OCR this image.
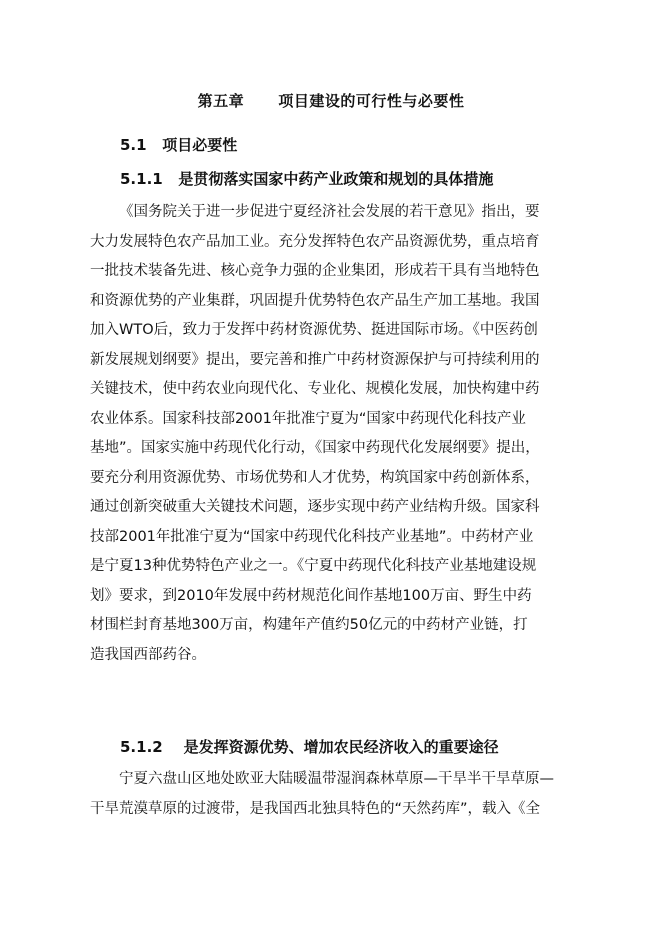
第五章      项目建设的可行性与必要性
5.1   项目必要性
5.1.1   是贯彻落实国家中药产业政策和规划的具体措施
《国务院关于进一步促进宁夏经济社会发展的若干意见》指出，要
大力发展特色农产品加工业。充分发挥特色农产品资源优势，重点培育
一批技术装备先进、核心竞争力强的企业集团，形成若干具有当地特色
和资源优势的产业集群，巩固提升优势特色农产品生产加工基地。我国
加入WTO后，致力于发挥中药材资源优势、挺进国际市场。《中医药创
新发展规划纲要》提出，要完善和推广中药材资源保护与可持续利用的
关键技术，使中药农业向现代化、专业化、规模化发展，加快构建中药
农业体系。国家科技部2001年批准宁夏为“国家中药现代化科技产业
基地”。国家实施中药现代化行动，《国家中药现代化发展纲要》提出，
要充分利用资源优势、市场优势和人才优势，构筑国家中药创新体系，
通过创新突破重大关键技术问题，逐步实现中药产业结构升级。国家科
技部2001年批准宁夏为“国家中药现代化科技产业基地”。中药材产业
是宁夏13种优势特色产业之一。《宁夏中药现代化科技产业基地建设规
划》要求，到2010年发展中药材规范化间作基地100万亩、野生中药
材围栏封育基地300万亩，构建年产值约50亿元的中药材产业链，打
造我国西部药谷。
5.1.2    是发挥资源优势、增加农民经济收入的重要途径
宁夏六盘山区地处欧亚大陆暖温带湿润森林草原—干旱半干旱草原—
干旱荒漠草原的过渡带，是我国西北独具特色的“天然药库”，载入《全
